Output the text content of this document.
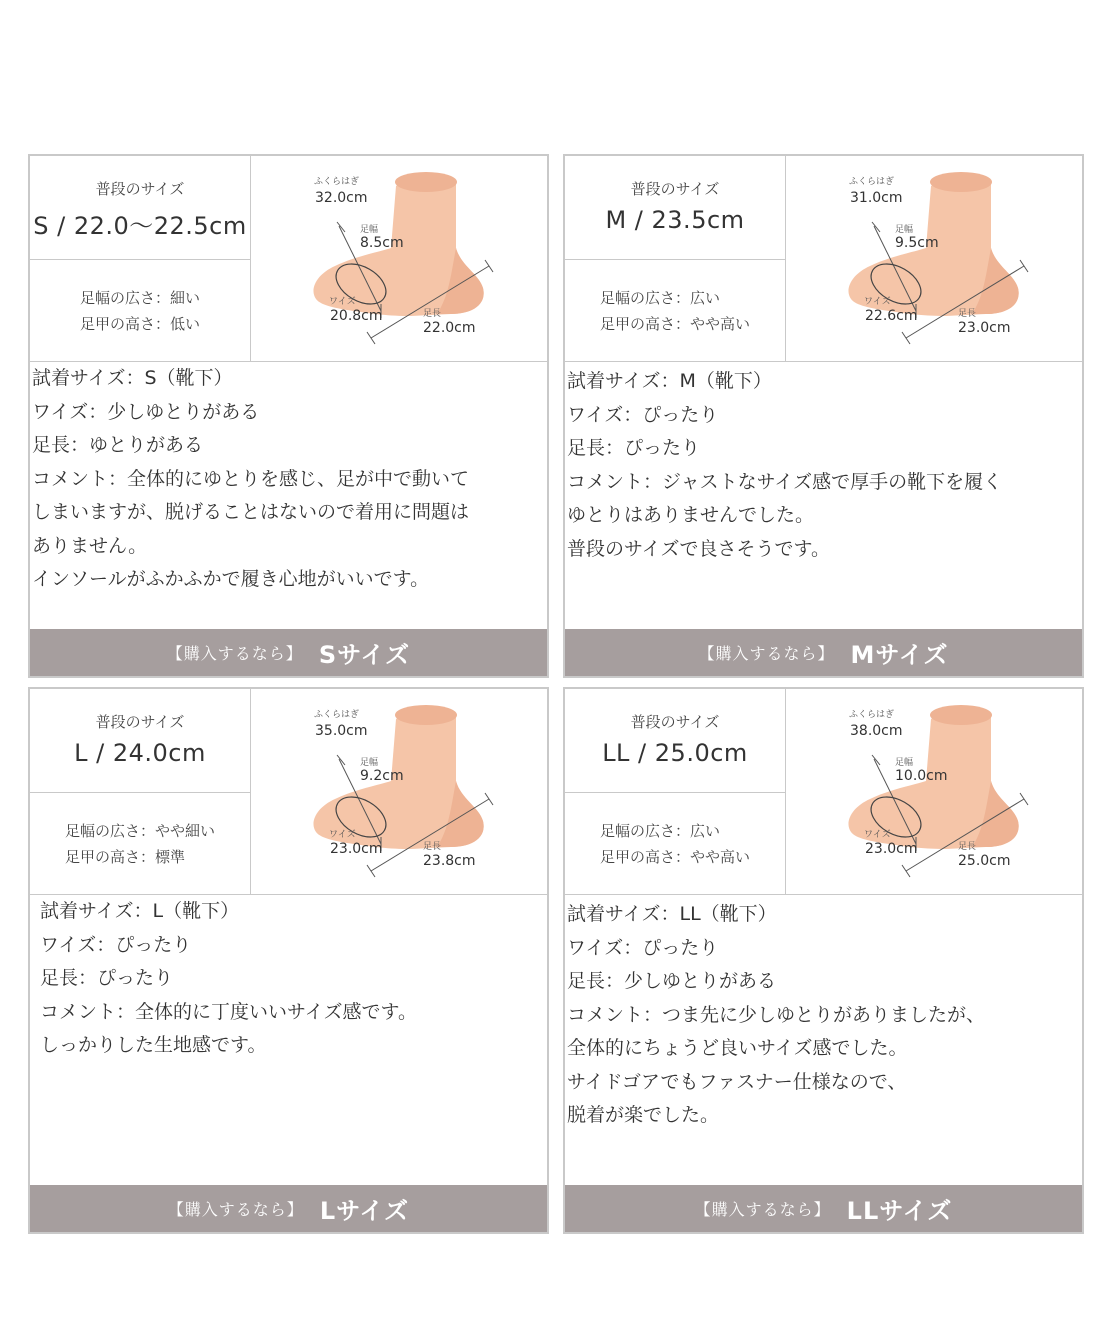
普段のサイズ
S / 22.0〜22.5cm
足幅の広さ：細い
足甲の高さ：低い
ふくらはぎ
32.0cm
足幅
8.5cm
ワイズ
20.8cm	足長
22.0cm
試着サイズ：S（靴下）
ワイズ：少しゆとりがある
足長：ゆとりがある
コメント：全体的にゆとりを感じ、足が中で動いて
しまいますが、脱げることはないので着用に問題は
ありません。
インソールがふかふかで履き心地がいいです。
【購入するなら】 Sサイズ
普段のサイズ
M / 23.5cm
足幅の広さ：広い
足甲の高さ：やや高い
ふくらはぎ
31.0cm
足幅
9.5cm
ワイズ
22.6cm	足長
23.0cm
試着サイズ：M（靴下）
ワイズ：ぴったり
足長：ぴったり
コメント：ジャストなサイズ感で厚手の靴下を履く
ゆとりはありませんでした。
普段のサイズで良さそうです。
【購入するなら】 Mサイズ
普段のサイズ
L / 24.0cm
足幅の広さ：やや細い
足甲の高さ：標準
ふくらはぎ
35.0cm
足幅
9.2cm
ワイズ
23.0cm	足長
23.8cm
試着サイズ：L（靴下）
ワイズ：ぴったり
足長：ぴったり
コメント：全体的に丁度いいサイズ感です。
しっかりした生地感です。
【購入するなら】 Lサイズ
普段のサイズ
LL / 25.0cm
足幅の広さ：広い
足甲の高さ：やや高い
ふくらはぎ
38.0cm
足幅
10.0cm
ワイズ
23.0cm	足長
25.0cm
試着サイズ：LL（靴下）
ワイズ：ぴったり
足長：少しゆとりがある
コメント：つま先に少しゆとりがありましたが、
全体的にちょうど良いサイズ感でした。
サイドゴアでもファスナー仕様なので、
脱着が楽でした。
【購入するなら】 LLサイズ
